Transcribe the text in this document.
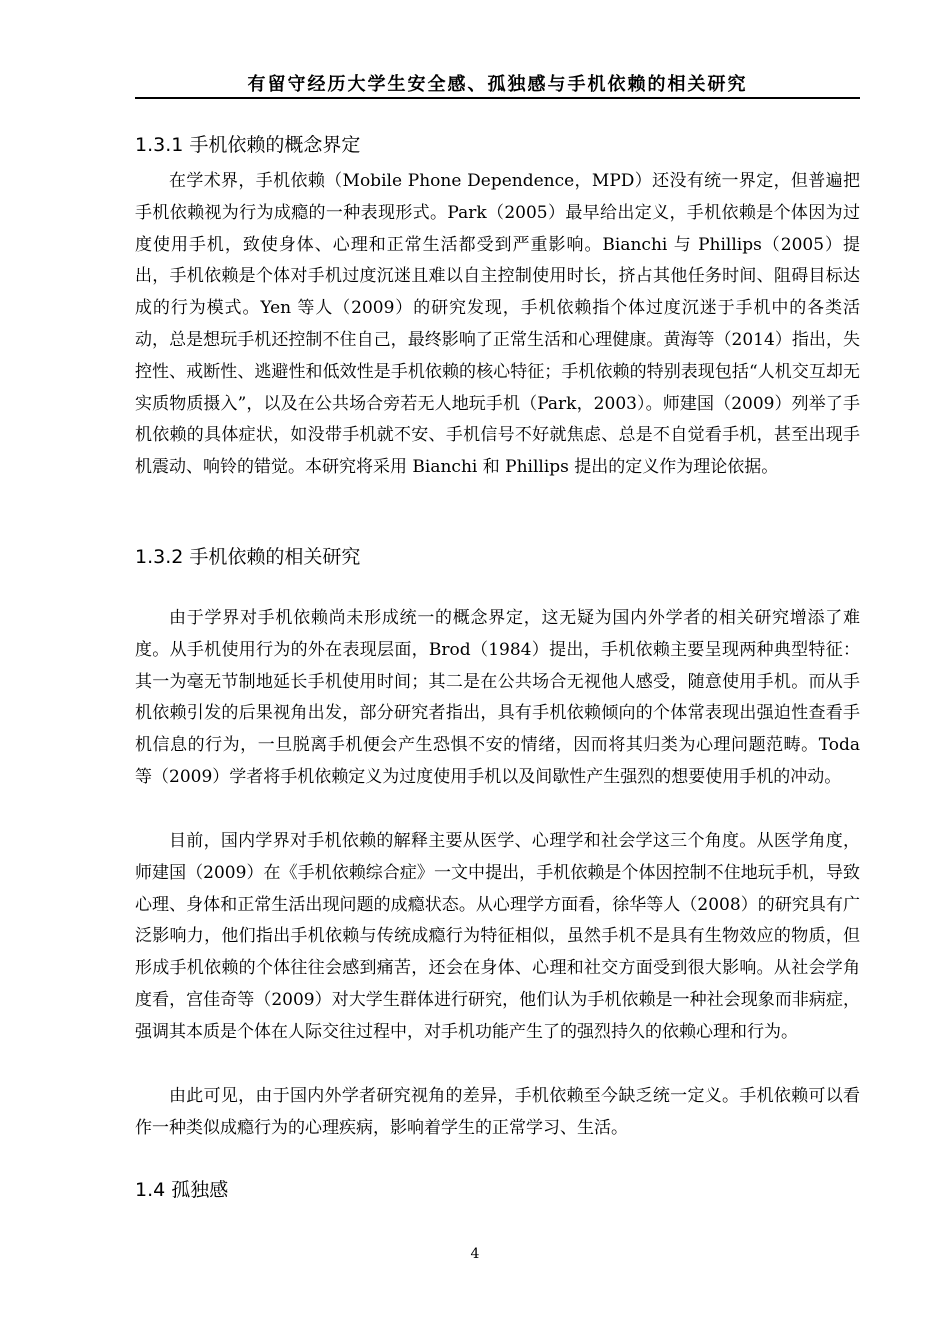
有留守经历大学生安全感、孤独感与手机依赖的相关研究
1.3.1 手机依赖的概念界定

在学术界，手机依赖（Mobile Phone Dependence，MPD）还没有统一界定，但普遍把手机依赖视为行为成瘾的一种表现形式。Park（2005）最早给出定义，手机依赖是个体因为过度使用手机，致使身体、心理和正常生活都受到严重影响。Bianchi 与 Phillips（2005）提出，手机依赖是个体对手机过度沉迷且难以自主控制使用时长，挤占其他任务时间、阻碍目标达成的行为模式。Yen 等人（2009）的研究发现，手机依赖指个体过度沉迷于手机中的各类活动，总是想玩手机还控制不住自己，最终影响了正常生活和心理健康。黄海等（2014）指出，失控性、戒断性、逃避性和低效性是手机依赖的核心特征；手机依赖的特别表现包括“人机交互却无实质物质摄入”，以及在公共场合旁若无人地玩手机（Park，2003）。师建国（2009）列举了手机依赖的具体症状，如没带手机就不安、手机信号不好就焦虑、总是不自觉看手机，甚至出现手机震动、响铃的错觉。本研究将采用 Bianchi 和 Phillips 提出的定义作为理论依据。

1.3.2 手机依赖的相关研究

由于学界对手机依赖尚未形成统一的概念界定，这无疑为国内外学者的相关研究增添了难度。从手机使用行为的外在表现层面，Brod（1984）提出，手机依赖主要呈现两种典型特征：其一为毫无节制地延长手机使用时间；其二是在公共场合无视他人感受，随意使用手机。而从手机依赖引发的后果视角出发，部分研究者指出，具有手机依赖倾向的个体常表现出强迫性查看手机信息的行为，一旦脱离手机便会产生恐惧不安的情绪，因而将其归类为心理问题范畴。Toda 等（2009）学者将手机依赖定义为过度使用手机以及间歇性产生强烈的想要使用手机的冲动。

目前，国内学界对手机依赖的解释主要从医学、心理学和社会学这三个角度。从医学角度，师建国（2009）在《手机依赖综合症》一文中提出，手机依赖是个体因控制不住地玩手机，导致心理、身体和正常生活出现问题的成瘾状态。从心理学方面看，徐华等人（2008）的研究具有广泛影响力，他们指出手机依赖与传统成瘾行为特征相似，虽然手机不是具有生物效应的物质，但形成手机依赖的个体往往会感到痛苦，还会在身体、心理和社交方面受到很大影响。从社会学角度看，宫佳奇等（2009）对大学生群体进行研究，他们认为手机依赖是一种社会现象而非病症，强调其本质是个体在人际交往过程中，对手机功能产生了的强烈持久的依赖心理和行为。

由此可见，由于国内外学者研究视角的差异，手机依赖至今缺乏统一定义。手机依赖可以看作一种类似成瘾行为的心理疾病，影响着学生的正常学习、生活。

1.4 孤独感
4
